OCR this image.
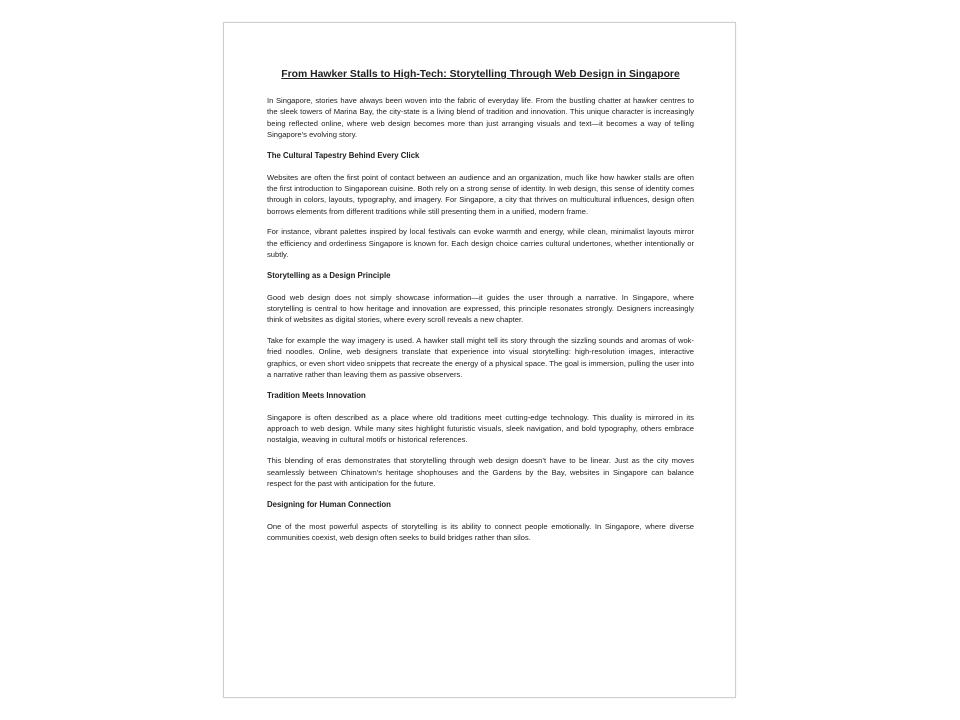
From Hawker Stalls to High-Tech: Storytelling Through Web Design in Singapore

In Singapore, stories have always been woven into the fabric of everyday life. From the bustling chatter at hawker centres to the sleek towers of Marina Bay, the city-state is a living blend of tradition and innovation. This unique character is increasingly being reflected online, where web design becomes more than just arranging visuals and text—it becomes a way of telling Singapore’s evolving story.

The Cultural Tapestry Behind Every Click

Websites are often the first point of contact between an audience and an organization, much like how hawker stalls are often the first introduction to Singaporean cuisine. Both rely on a strong sense of identity. In web design, this sense of identity comes through in colors, layouts, typography, and imagery. For Singapore, a city that thrives on multicultural influences, design often borrows elements from different traditions while still presenting them in a unified, modern frame.

For instance, vibrant palettes inspired by local festivals can evoke warmth and energy, while clean, minimalist layouts mirror the efficiency and orderliness Singapore is known for. Each design choice carries cultural undertones, whether intentionally or subtly.

Storytelling as a Design Principle

Good web design does not simply showcase information—it guides the user through a narrative. In Singapore, where storytelling is central to how heritage and innovation are expressed, this principle resonates strongly. Designers increasingly think of websites as digital stories, where every scroll reveals a new chapter.

Take for example the way imagery is used. A hawker stall might tell its story through the sizzling sounds and aromas of wok-fried noodles. Online, web designers translate that experience into visual storytelling: high-resolution images, interactive graphics, or even short video snippets that recreate the energy of a physical space. The goal is immersion, pulling the user into a narrative rather than leaving them as passive observers.

Tradition Meets Innovation

Singapore is often described as a place where old traditions meet cutting-edge technology. This duality is mirrored in its approach to web design. While many sites highlight futuristic visuals, sleek navigation, and bold typography, others embrace nostalgia, weaving in cultural motifs or historical references.

This blending of eras demonstrates that storytelling through web design doesn’t have to be linear. Just as the city moves seamlessly between Chinatown’s heritage shophouses and the Gardens by the Bay, websites in Singapore can balance respect for the past with anticipation for the future.

Designing for Human Connection

One of the most powerful aspects of storytelling is its ability to connect people emotionally. In Singapore, where diverse communities coexist, web design often seeks to build bridges rather than silos.
